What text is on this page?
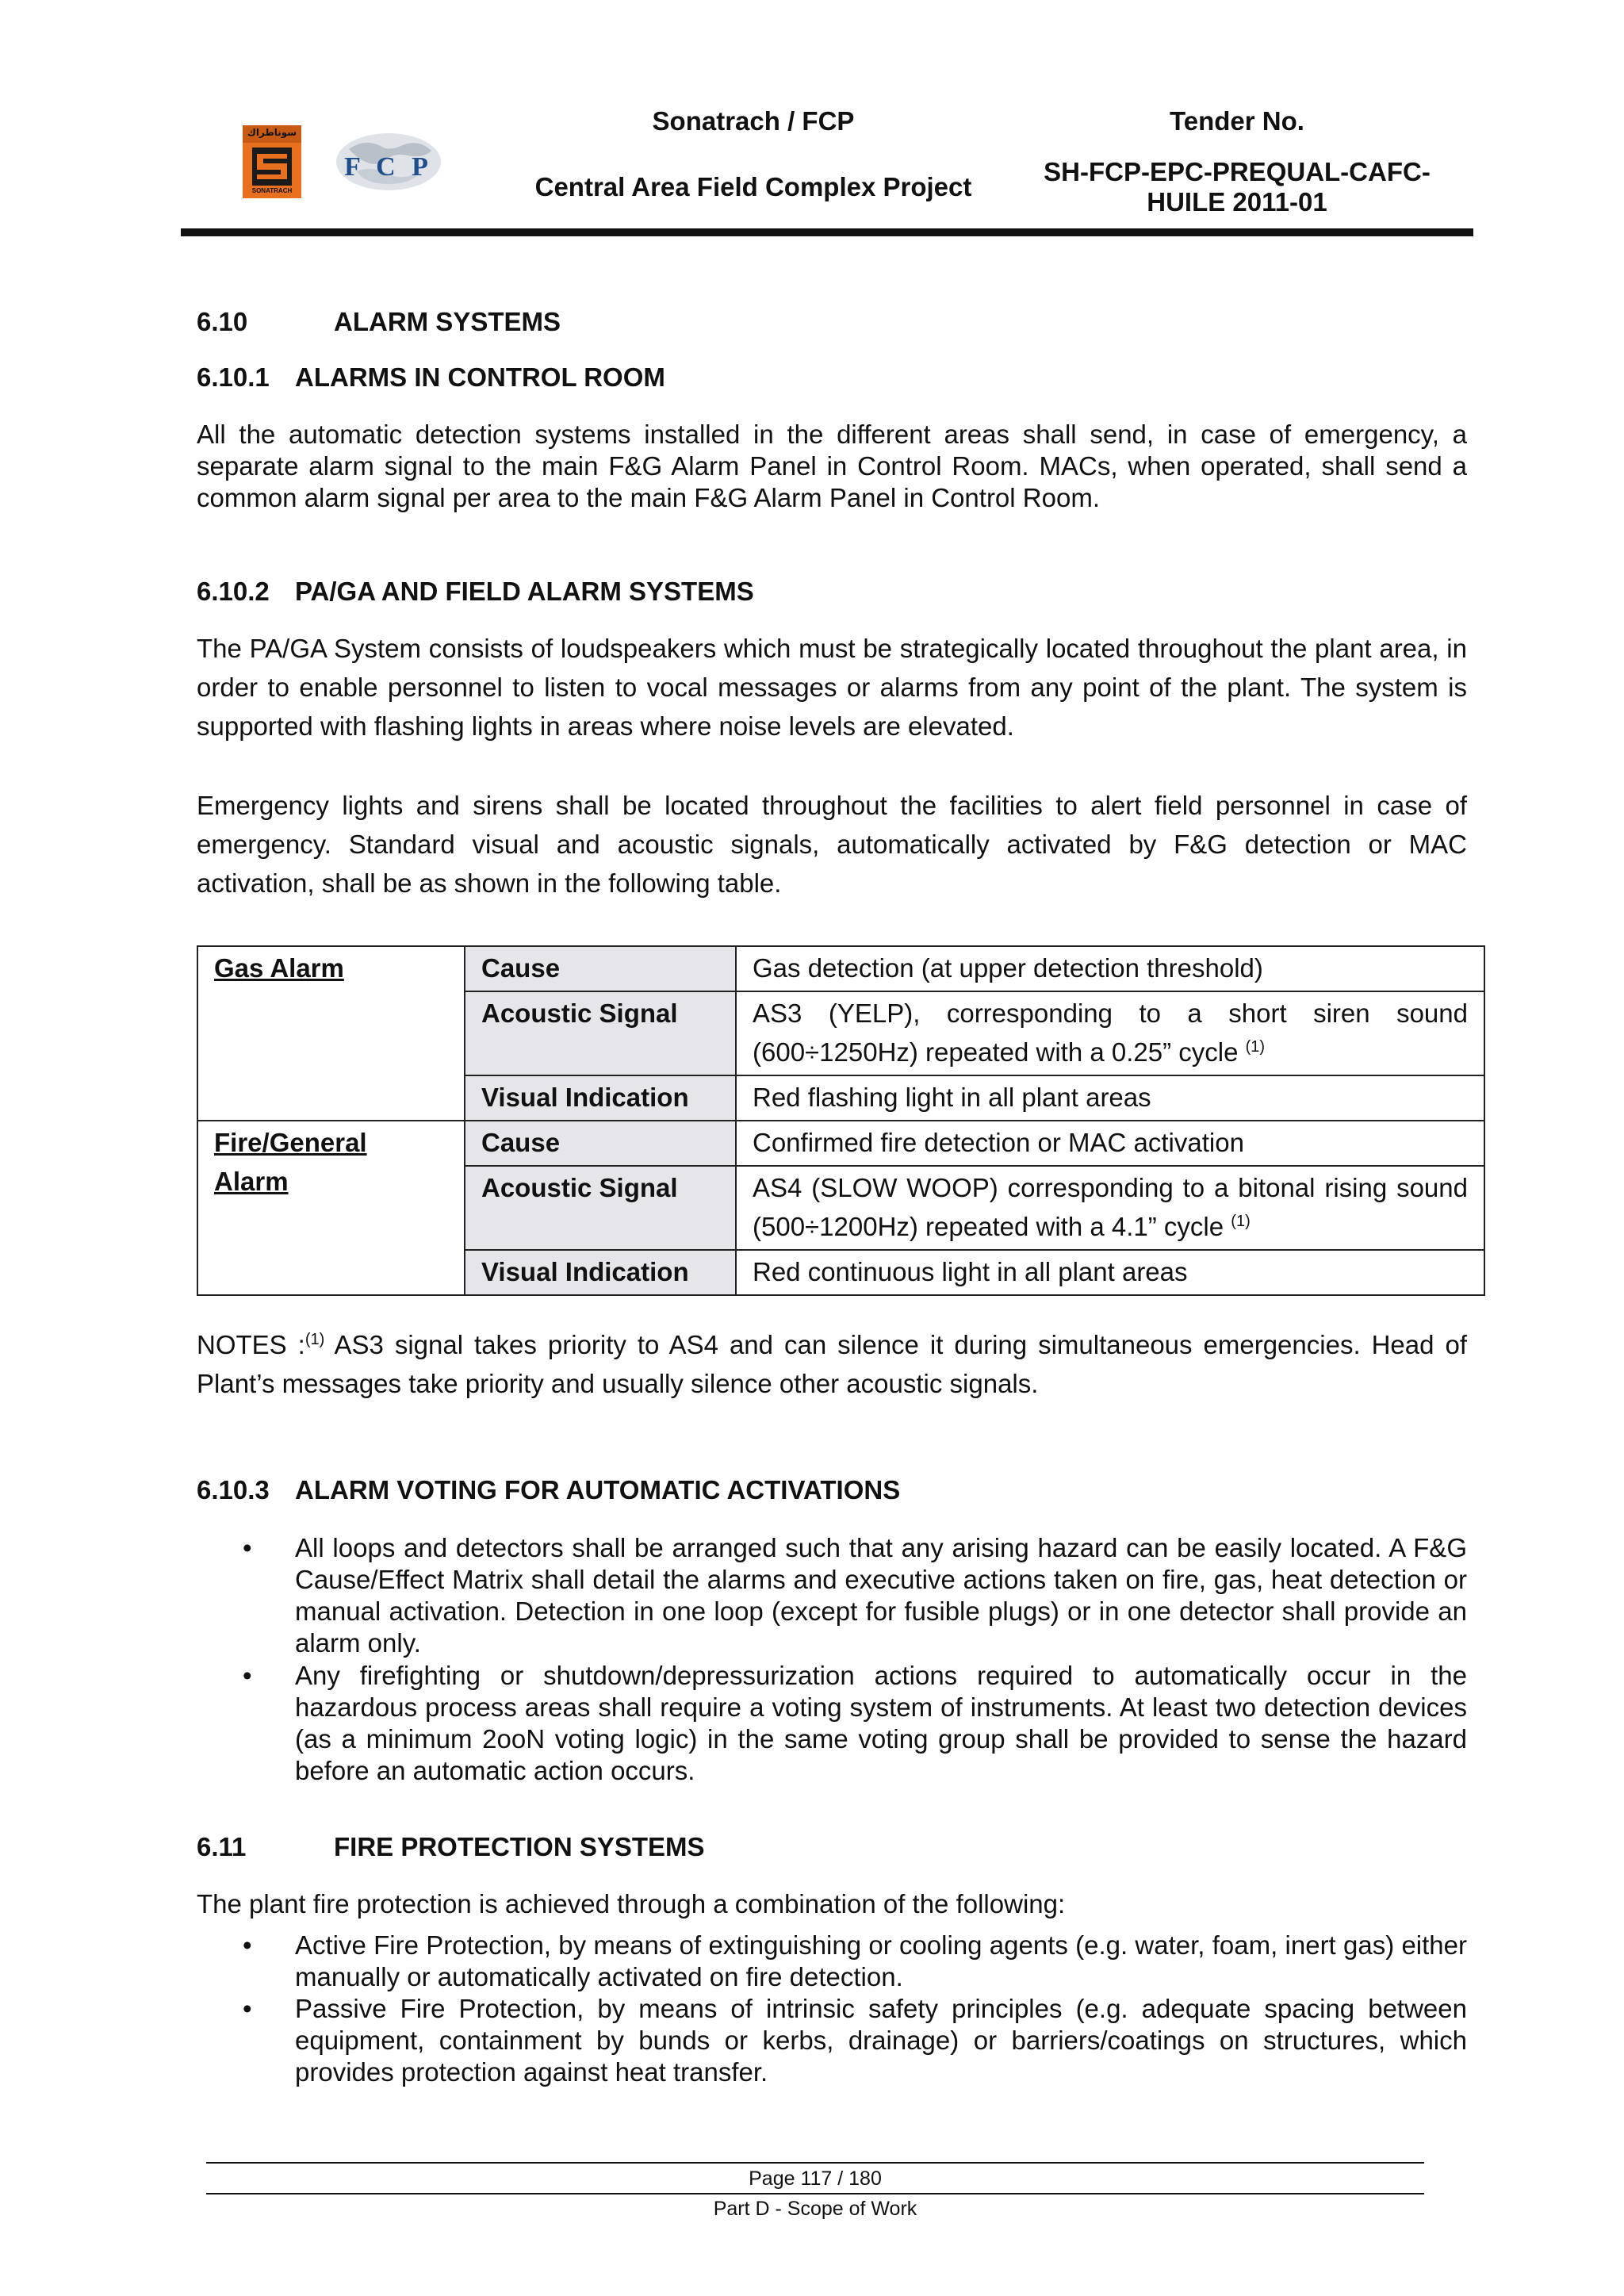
سوناطراك
SONATRACH
F C P
Sonatrach / FCP
Central Area Field Complex Project
Tender No.
SH-FCP-EPC-PREQUAL-CAFC-
HUILE 2011-01
6.10	ALARM SYSTEMS
6.10.1 ALARMS IN CONTROL ROOM

All the automatic detection systems installed in the different areas shall send, in case of emergency, a separate alarm signal to the main F&G Alarm Panel in Control Room. MACs, when operated, shall send a common alarm signal per area to the main F&G Alarm Panel in Control Room.

6.10.2 PA/GA AND FIELD ALARM SYSTEMS

The PA/GA System consists of loudspeakers which must be strategically located throughout the plant area, in order to enable personnel to listen to vocal messages or alarms from any point of the plant. The system is supported with flashing lights in areas where noise levels are elevated.

Emergency lights and sirens shall be located throughout the facilities to alert field personnel in case of emergency. Standard visual and acoustic signals, automatically activated by F&G detection or MAC activation, shall be as shown in the following table.

Gas Alarm	Cause	Gas detection (at upper detection threshold)
	Acoustic Signal	AS3 (YELP), corresponding to a short siren sound (600÷1250Hz) repeated with a 0.25” cycle $^{(1)}$
	Visual Indication	Red flashing light in all plant areas
Fire/General
Alarm	Cause	Confirmed fire detection or MAC activation
	Acoustic Signal	AS4 (SLOW WOOP) corresponding to a bitonal rising sound (500÷1200Hz) repeated with a 4.1” cycle $^{(1)}$
	Visual Indication	Red continuous light in all plant areas

NOTES :$^{(1)}$ AS3 signal takes priority to AS4 and can silence it during simultaneous emergencies. Head of Plant’s messages take priority and usually silence other acoustic signals.

6.10.3 ALARM VOTING FOR AUTOMATIC ACTIVATIONS
• All loops and detectors shall be arranged such that any arising hazard can be easily located. A F&G Cause/Effect Matrix shall detail the alarms and executive actions taken on fire, gas, heat detection or manual activation. Detection in one loop (except for fusible plugs) or in one detector shall provide an alarm only.
• Any firefighting or shutdown/depressurization actions required to automatically occur in the hazardous process areas shall require a voting system of instruments. At least two detection devices (as a minimum 2ooN voting logic) in the same voting group shall be provided to sense the hazard before an automatic action occurs.
6.11	FIRE PROTECTION SYSTEMS

The plant fire protection is achieved through a combination of the following:

• Active Fire Protection, by means of extinguishing or cooling agents (e.g. water, foam, inert gas) either manually or automatically activated on fire detection.
• Passive Fire Protection, by means of intrinsic safety principles (e.g. adequate spacing between equipment, containment by bunds or kerbs, drainage) or barriers/coatings on structures, which provides protection against heat transfer.
Page 117 / 180
Part D - Scope of Work
